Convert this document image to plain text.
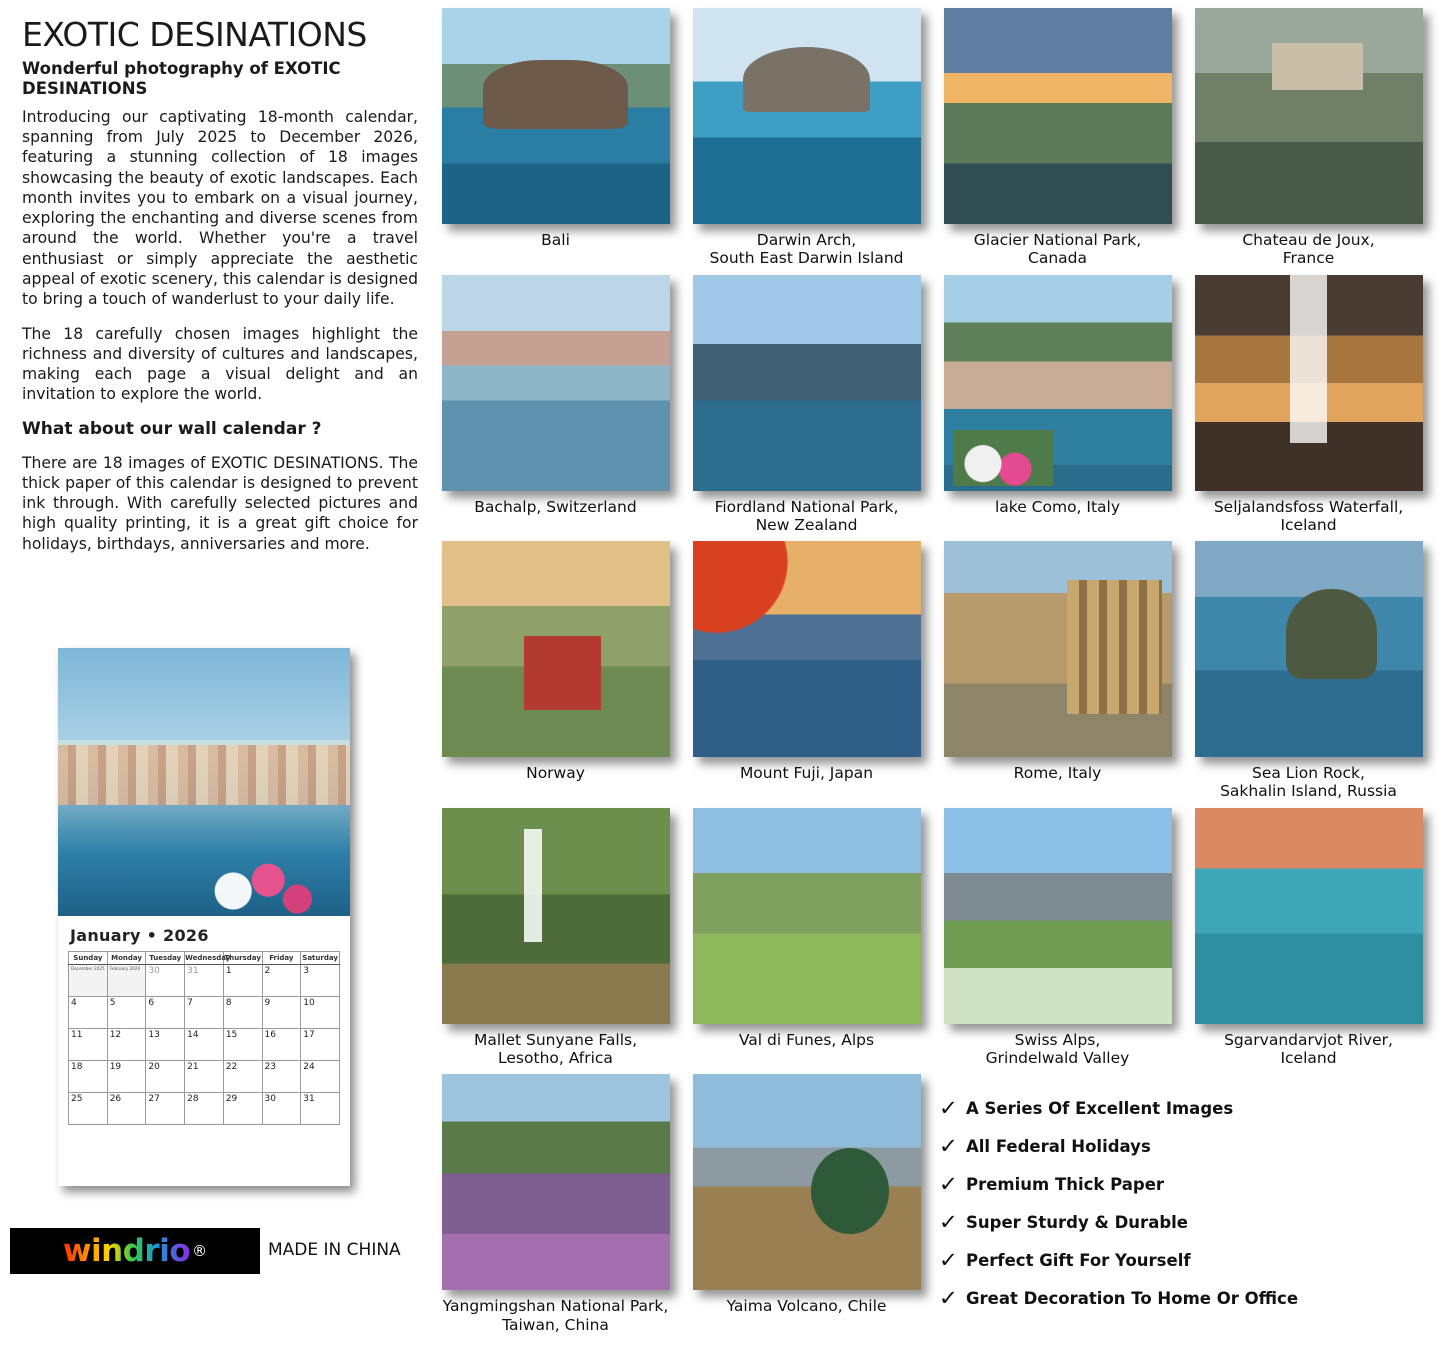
EXOTIC DESINATIONS
Wonderful photography of EXOTIC DESINATIONS

Introducing our captivating 18-month calendar, spanning from July 2025 to December 2026, featuring a stunning collection of 18 images showcasing the beauty of exotic landscapes. Each month invites you to embark on a visual journey, exploring the enchanting and diverse scenes from around the world. Whether you're a travel enthusiast or simply appreciate the aesthetic appeal of exotic scenery, this calendar is designed to bring a touch of wanderlust to your daily life.

The 18 carefully chosen images highlight the richness and diversity of cultures and landscapes, making each page a visual delight and an invitation to explore the world.

What about our wall calendar ?

There are 18 images of EXOTIC DESINATIONS. The thick paper of this calendar is designed to prevent ink through. With carefully selected pictures and high quality printing, it is a great gift choice for holidays, birthdays, anniversaries and more.

January • 2026
Sunday	Monday	Tuesday	Wednesday	Thursday	Friday	Saturday

December 2025	February 2026	30	31	1	2	3

4	5	6	7	8	9	10

11	12	13	14	15	16	17

18	19	20	21	22	23	24

25	26	27	28	29	30	31
windrio ®	MADE IN CHINA
Bali	Darwin Arch,
South East Darwin Island
Glacier National Park,
Canada
Chateau de Joux,
France
Bachalp, Switzerland	Fiordland National Park,
New Zealand
lake Como, Italy	Seljalandsfoss Waterfall,
Iceland
Norway	Mount Fuji, Japan	Rome, Italy	Sea Lion Rock,
Sakhalin Island, Russia
Mallet Sunyane Falls,
Lesotho, Africa
Val di Funes, Alps	Swiss Alps,
Grindelwald Valley
Sgarvandarvjot River,
Iceland
Yangmingshan National Park,
Taiwan, China
Yaima Volcano, Chile
✓ A Series Of Excellent Images
✓ All Federal Holidays
✓ Premium Thick Paper
✓ Super Sturdy & Durable
✓ Perfect Gift For Yourself
✓ Great Decoration To Home Or Office
